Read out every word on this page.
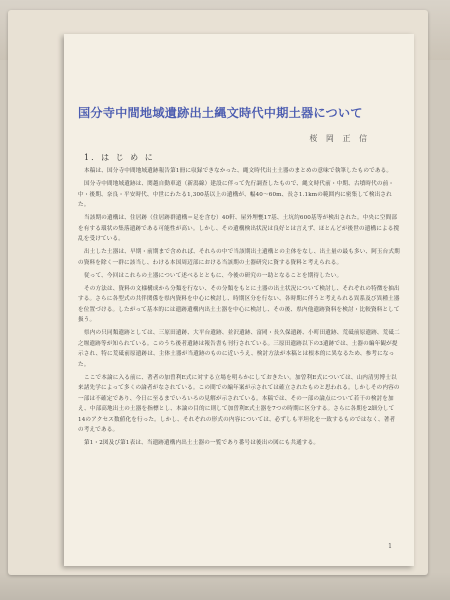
国分寺中間地域遺跡出土縄文時代中期土器について
桜 岡 正 信
1．は じ め に

本稿は、国分寺中間地域遺跡報告第1冊に収録できなかった、縄文時代出土土器のまとめの意味で執筆したものである。

国分寺中間地域遺跡は、関越自動車道（新潟線）建設に伴って先行調査したもので、縄文時代前・中期、古墳時代の前・中・後期、奈良・平安時代、中世にわたる1,300基以上の遺構が、幅40～60m、長さ1.1kmの範囲内に密集して検出された。

当該期の遺構は、住居跡（住居跡群遺構＝足を含む）40軒、屋外埋甕17基、土坑約600基等が検出された。中央に空間部を有する環状の集落遺跡である可能性が高い。しかし、その遺構検出状況は良好とは言えず、ほとんどが後世の遺構による撹乱を受けている。

出土した土器は、早期・前期まで含めれば、それらの中で当該期出土遺構との主体をなし、出土量の最も多い、阿玉台式期の資料を除く一群に該当し、わける本国周辺部における当該期の土器研究に資する資料と考えられる。

従って、今回はこれらの土器について述べるとともに、今後の研究の一助となることを期待したい。

その方法は、資料の文様構成から分類を行ない、その分類をもとに土器の出土状況について検討し、それぞれの特徴を抽出する。さらに各型式の共伴関係を県内資料を中心に検討し、時期区分を行ない、各時期に伴うと考えられる異系及び異種土器を位置づける。したがって基本的には遺跡遺構内出土土器を中心に検討し、その後、県内他遺跡資料を検討・比較資料として扱う。

県内の只同類遺跡としては、三原田遺跡、大平台遺跡、並沢遺跡、富岡・長久保遺跡、小町田遺跡、荒砥前原遺跡、荒砥二之堰遺跡等が知られている。このうち後者遺跡は報告書も刊行されている。三原田遺跡以下の3遺跡では、土器の編年観が提示され、特に荒砥前原遺跡は、主体土器が当遺跡のものに近いうえ、検討方法が本稿とは根本的に異なるため、参考になった。

ここで本論に入る前に、著者の加曽利E式に対する立場を明らかにしておきたい。加曽利E式については、山内清男博士以来諸先学によって多くの論者がなされている。この間での編年案が示されては確立されたものと思われる。しかしその内容の一部は不確定であり、今日に至るまでいろいろの見解が示されている。本稿では、その一部の論点について若干の検討を加え、中部高地出土の土器を指標とし、本論の目的に則して加曽利E式土器を7つの時期に区分する。さらに各期を2細分して14のアクセス数値化を行った。しかし、それぞれの形式の内容については、必ずしも平坦化を一致するものではなく、著者の考えである。

第1・2図及び第1表は、当遺跡遺構内出土土器の一覧であり番号は後出の図にも共通する。

1
